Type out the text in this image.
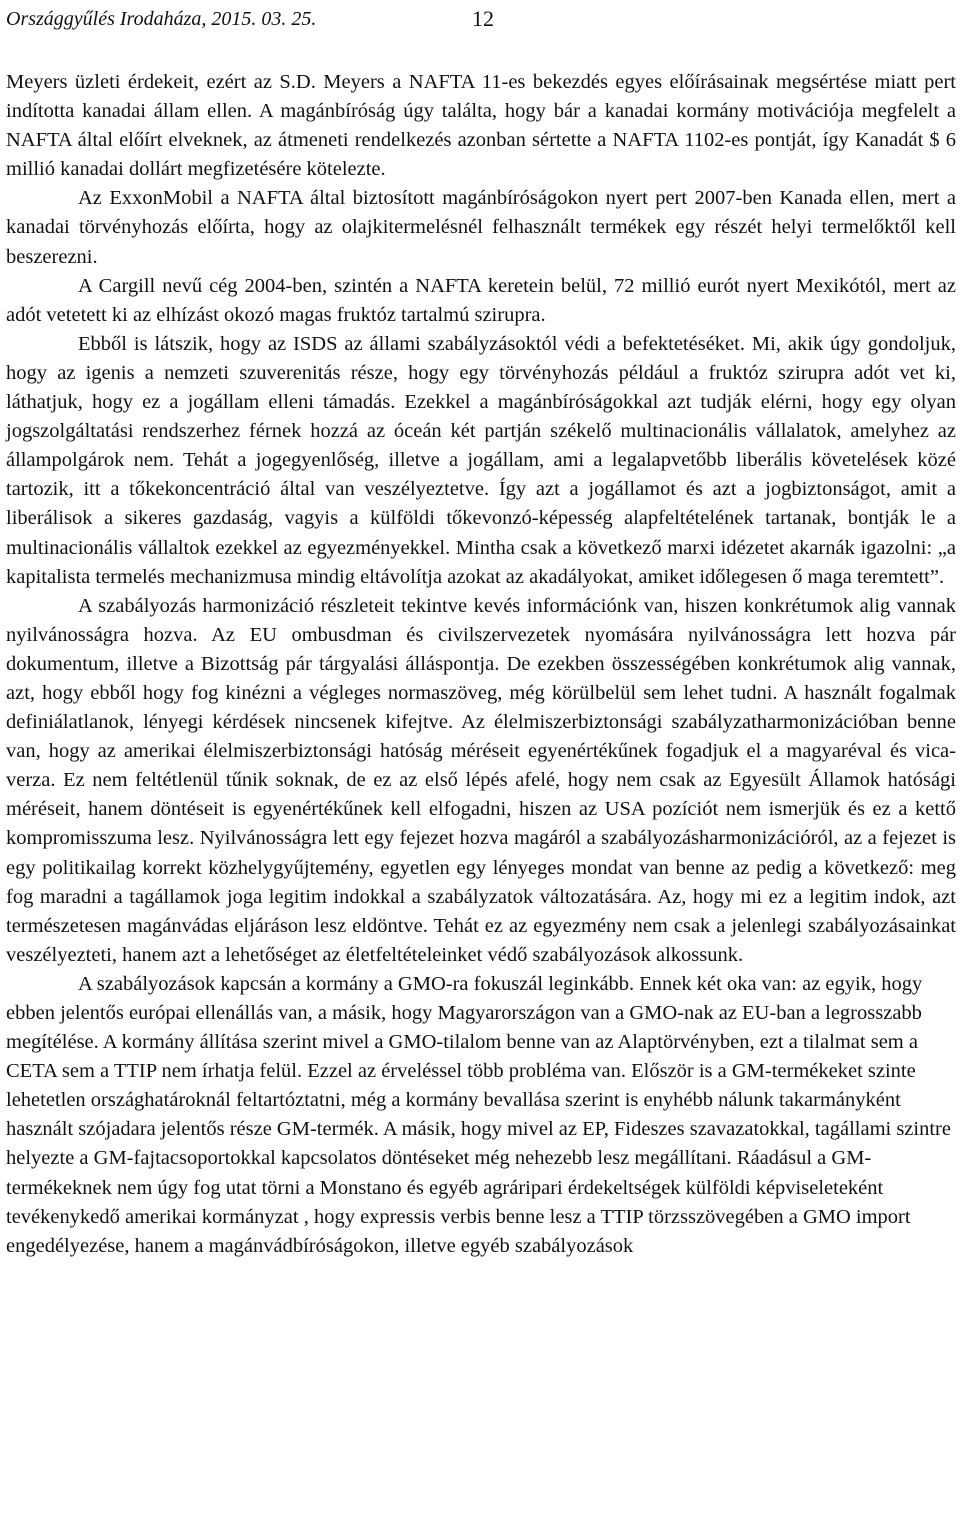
Országgyűlés Irodaháza, 2015. 03. 25.	12

Meyers üzleti érdekeit, ezért az S.D. Meyers a NAFTA 11-es bekezdés egyes előírásainak megsértése miatt pert indította kanadai állam ellen. A magánbíróság úgy találta, hogy bár a kanadai kormány motivációja megfelelt a NAFTA által előírt elveknek, az átmeneti rendelkezés azonban sértette a NAFTA 1102-es pontját, így Kanadát $ 6 millió kanadai dollárt megfizetésére kötelezte.

Az ExxonMobil a NAFTA által biztosított magánbíróságokon nyert pert 2007-ben Kanada ellen, mert a kanadai törvényhozás előírta, hogy az olajkitermelésnél felhasznált termékek egy részét helyi termelőktől kell beszerezni.

A Cargill nevű cég 2004-ben, szintén a NAFTA keretein belül, 72 millió eurót nyert Mexikótól, mert az adót vetetett ki az elhízást okozó magas fruktóz tartalmú szirupra.

Ebből is látszik, hogy az ISDS az állami szabályzásoktól védi a befektetéséket. Mi, akik úgy gondoljuk, hogy az igenis a nemzeti szuverenitás része, hogy egy törvényhozás például a fruktóz szirupra adót vet ki, láthatjuk, hogy ez a jogállam elleni támadás. Ezekkel a magánbíróságokkal azt tudják elérni, hogy egy olyan jogszolgáltatási rendszerhez férnek hozzá az óceán két partján székelő multinacionális vállalatok, amelyhez az állampolgárok nem. Tehát a jogegyenlőség, illetve a jogállam, ami a legalapvetőbb liberális követelések közé tartozik, itt a tőkekoncentráció által van veszélyeztetve. Így azt a jogállamot és azt a jogbiztonságot, amit a liberálisok a sikeres gazdaság, vagyis a külföldi tőkevonzó-képesség alapfeltételének tartanak, bontják le a multinacionális vállaltok ezekkel az egyezményekkel. Mintha csak a következő marxi idézetet akarnák igazolni: „a kapitalista termelés mechanizmusa mindig eltávolítja azokat az akadályokat, amiket időlegesen ő maga teremtett”.

A szabályozás harmonizáció részleteit tekintve kevés információnk van, hiszen konkrétumok alig vannak nyilvánosságra hozva. Az EU ombusdman és civilszervezetek nyomására nyilvánosságra lett hozva pár dokumentum, illetve a Bizottság pár tárgyalási álláspontja. De ezekben összességében konkrétumok alig vannak, azt, hogy ebből hogy fog kinézni a végleges normaszöveg, még körülbelül sem lehet tudni. A használt fogalmak definiálatlanok, lényegi kérdések nincsenek kifejtve. Az élelmiszerbiztonsági szabályzatharmonizációban benne van, hogy az amerikai élelmiszerbiztonsági hatóság méréseit egyenértékűnek fogadjuk el a magyaréval és vica-verza. Ez nem feltétlenül tűnik soknak, de ez az első lépés afelé, hogy nem csak az Egyesült Államok hatósági méréseit, hanem döntéseit is egyenértékűnek kell elfogadni, hiszen az USA pozíciót nem ismerjük és ez a kettő kompromisszuma lesz. Nyilvánosságra lett egy fejezet hozva magáról a szabályozásharmonizációról, az a fejezet is egy politikailag korrekt közhelygyűjtemény, egyetlen egy lényeges mondat van benne az pedig a következő: meg fog maradni a tagállamok joga legitim indokkal a szabályzatok változatására. Az, hogy mi ez a legitim indok, azt természetesen magánvádas eljáráson lesz eldöntve. Tehát ez az egyezmény nem csak a jelenlegi szabályozásainkat veszélyezteti, hanem azt a lehetőséget az életfeltételeinket védő szabályozások alkossunk.

A szabályozások kapcsán a kormány a GMO-ra fokuszál leginkább. Ennek két oka van: az egyik, hogy ebben jelentős európai ellenállás van, a másik, hogy Magyarországon van a GMO-nak az EU-ban a legrosszabb megítélése. A kormány állítása szerint mivel a GMO-tilalom benne van az Alaptörvényben, ezt a tilalmat sem a CETA sem a TTIP nem írhatja felül. Ezzel az érveléssel több probléma van. Először is a GM-termékeket szinte lehetetlen országhatároknál feltartóztatni, még a kormány bevallása szerint is enyhébb nálunk takarmányként használt szójadara jelentős része GM-termék. A másik, hogy mivel az EP, Fideszes szavazatokkal, tagállami szintre helyezte a GM-fajtacsoportokkal kapcsolatos döntéseket még nehezebb lesz megállítani. Ráadásul a GM-termékeknek nem úgy fog utat törni a Monstano és egyéb agráripari érdekeltségek külföldi képviseleteként tevékenykedő amerikai kormányzat , hogy expressis verbis benne lesz a TTIP törzsszövegében a GMO import engedélyezése, hanem a magánvádbíróságokon, illetve egyéb szabályozások
